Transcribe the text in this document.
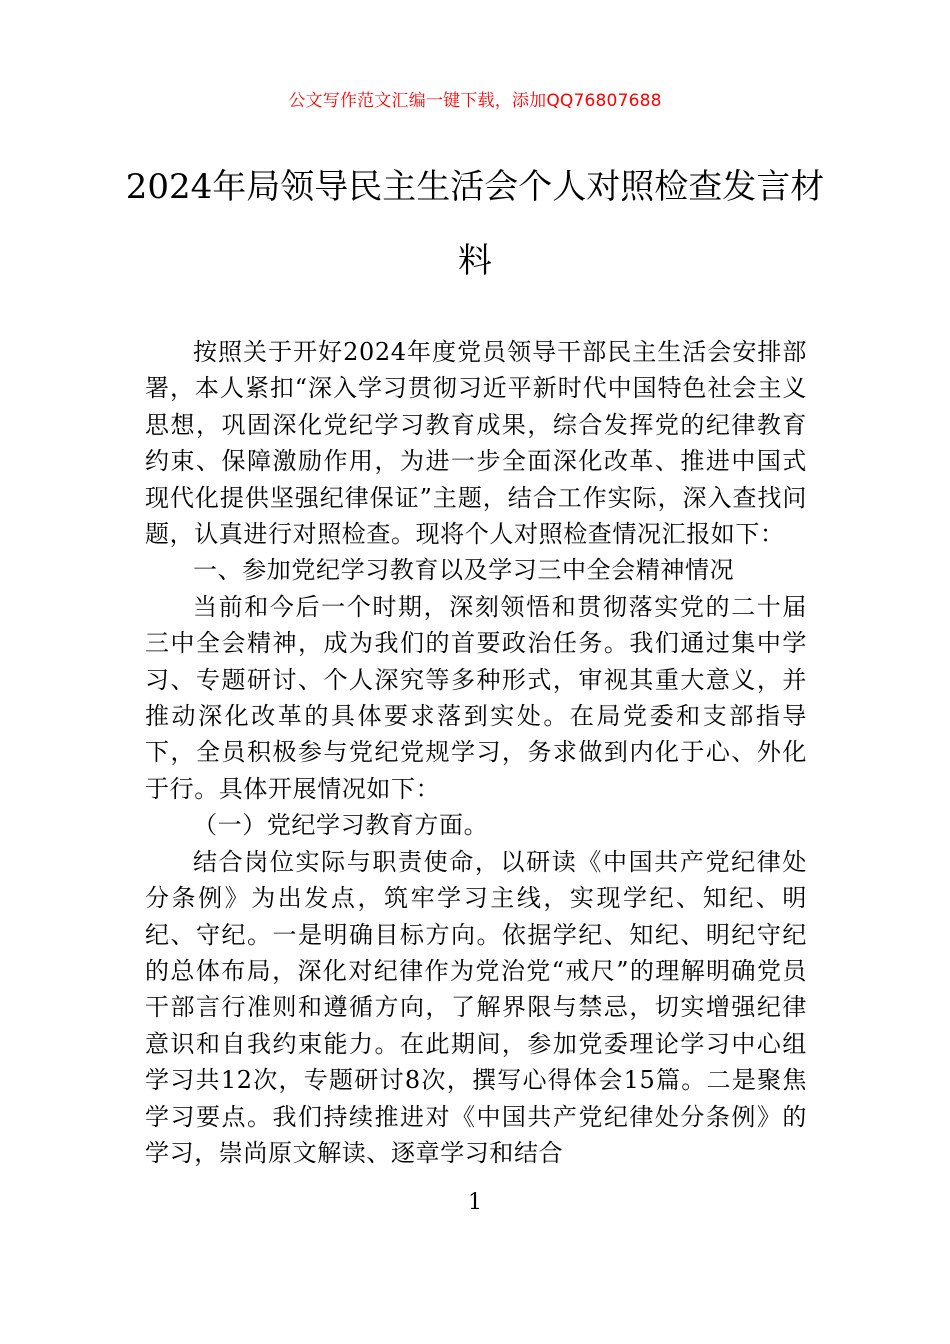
公文写作范文汇编一键下载，添加QQ76807688
2024年局领导民主生活会个人对照检查发言材料

按照关于开好2024年度党员领导干部民主生活会安排部署，本人紧扣“深入学习贯彻习近平新时代中国特色社会主义思想，巩固深化党纪学习教育成果，综合发挥党的纪律教育约束、保障激励作用，为进一步全面深化改革、推进中国式现代化提供坚强纪律保证”主题，结合工作实际，深入查找问题，认真进行对照检查。现将个人对照检查情况汇报如下：

一、参加党纪学习教育以及学习三中全会精神情况

当前和今后一个时期，深刻领悟和贯彻落实党的二十届三中全会精神，成为我们的首要政治任务。我们通过集中学习、专题研讨、个人深究等多种形式，审视其重大意义，并推动深化改革的具体要求落到实处。在局党委和支部指导下，全员积极参与党纪党规学习，务求做到内化于心、外化于行。具体开展情况如下：

（一）党纪学习教育方面。

结合岗位实际与职责使命，以研读《中国共产党纪律处分条例》为出发点，筑牢学习主线，实现学纪、知纪、明纪、守纪。一是明确目标方向。依据学纪、知纪、明纪守纪的总体布局，深化对纪律作为党治党“戒尺”的理解明确党员干部言行准则和遵循方向，了解界限与禁忌，切实增强纪律意识和自我约束能力。在此期间，参加党委理论学习中心组学习共12次，专题研讨8次，撰写心得体会15篇。二是聚焦学习要点。我们持续推进对《中国共产党纪律处分条例》的学习，崇尚原文解读、逐章学习和结合

1
